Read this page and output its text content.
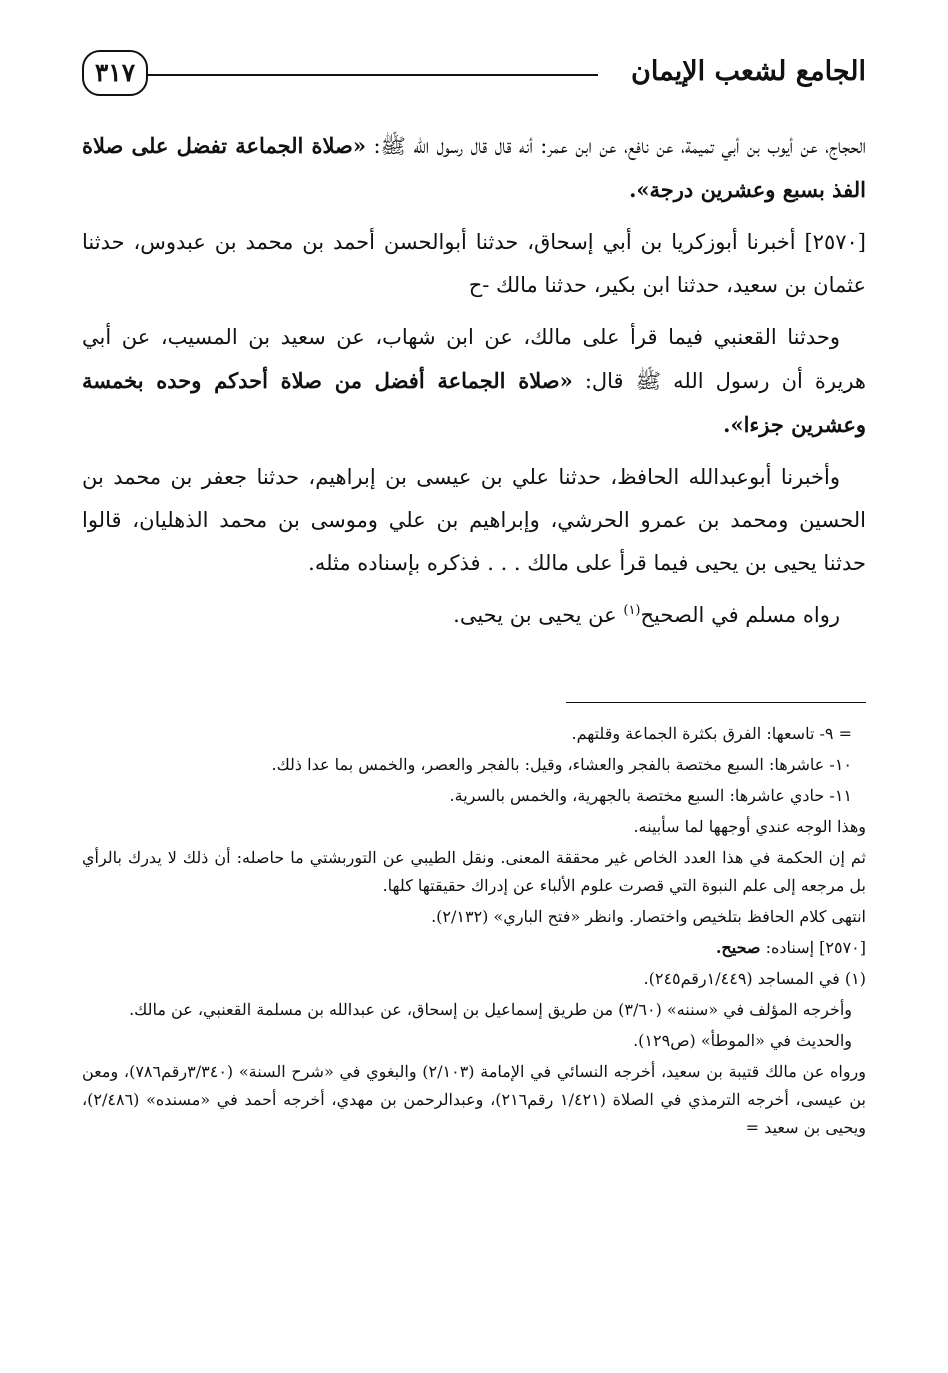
الجامع لشعب الإيمان
٣١٧

الحجاج، عن أيوب بن أبي تميمة، عن نافع، عن ابن عمر: أنه قال قال رسول الله ﷺ: «صلاة الجماعة تفضل على صلاة الفذ بسبع وعشرين درجة».

[٢٥٧٠] أخبرنا أبوزكريا بن أبي إسحاق، حدثنا أبوالحسن أحمد بن محمد بن عبدوس، حدثنا عثمان بن سعيد، حدثنا ابن بكير، حدثنا مالك -ح

وحدثنا القعنبي فيما قرأ على مالك، عن ابن شهاب، عن سعيد بن المسيب، عن أبي هريرة أن رسول الله ﷺ قال: «صلاة الجماعة أفضل من صلاة أحدكم وحده بخمسة وعشرين جزءا».

وأخبرنا أبوعبدالله الحافظ، حدثنا علي بن عيسى بن إبراهيم، حدثنا جعفر بن محمد بن الحسين ومحمد بن عمرو الحرشي، وإبراهيم بن علي وموسى بن محمد الذهليان، قالوا حدثنا يحيى بن يحيى فيما قرأ على مالك . . . فذكره بإسناده مثله.

رواه مسلم في الصحيح$^{(١)}$ عن يحيى بن يحيى.

= ٩- تاسعها: الفرق بكثرة الجماعة وقلتهم.

١٠- عاشرها: السبع مختصة بالفجر والعشاء، وقيل: بالفجر والعصر، والخمس بما عدا ذلك.

١١- حادي عاشرها: السبع مختصة بالجهرية، والخمس بالسرية.

وهذا الوجه عندي أوجهها لما سأبينه.

ثم إن الحكمة في هذا العدد الخاص غير محققة المعنى. ونقل الطيبي عن التوربشتي ما حاصله: أن ذلك لا يدرك بالرأي بل مرجعه إلى علم النبوة التي قصرت علوم الألباء عن إدراك حقيقتها كلها.

انتهى كلام الحافظ بتلخيص واختصار. وانظر «فتح الباري» (٢/١٣٢).

[٢٥٧٠] إسناده: صحيح.

(١) في المساجد (١/٤٤٩رقم٢٤٥).

وأخرجه المؤلف في «سننه» (٣/٦٠) من طريق إسماعيل بن إسحاق، عن عبدالله بن مسلمة القعنبي، عن مالك.

والحديث في «الموطأ» (ص١٢٩).

ورواه عن مالك قتيبة بن سعيد، أخرجه النسائي في الإمامة (٢/١٠٣) والبغوي في «شرح السنة» (٣/٣٤٠رقم٧٨٦)، ومعن بن عيسى، أخرجه الترمذي في الصلاة (١/٤٢١ رقم٢١٦)، وعبدالرحمن بن مهدي، أخرجه أحمد في «مسنده» (٢/٤٨٦)، ويحيى بن سعيد =
